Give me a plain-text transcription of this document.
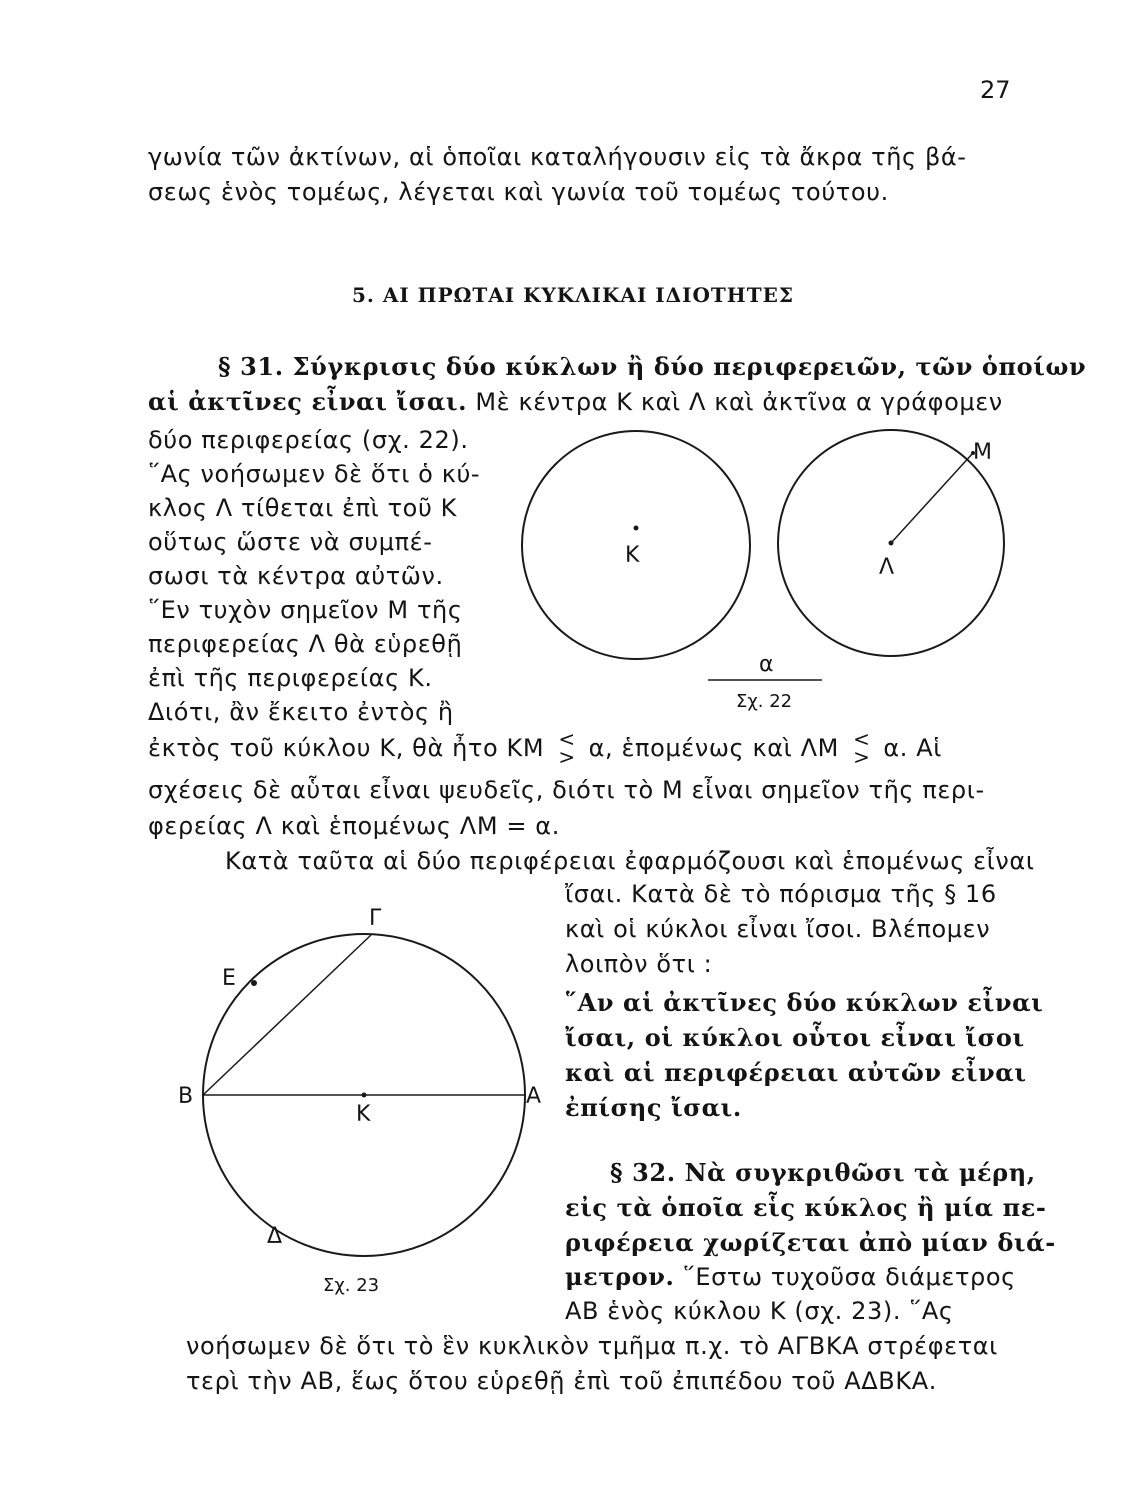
27
γωνία τῶν ἀκτίνων, αἱ ὁποῖαι καταλήγουσιν εἰς τὰ ἄκρα τῆς βά-
σεως ἑνὸς τομέως, λέγεται καὶ γωνία τοῦ τομέως τούτου.
5. ΑΙ ΠΡΩΤΑΙ ΚΥΚΛΙΚΑΙ ΙΔΙΟΤΗΤΕΣ
§ 31. Σύγκρισις δύο κύκλων ἢ δύο περιφερειῶν, τῶν ὁποίων
αἱ ἀκτῖνες εἶναι ἴσαι. Μὲ κέντρα Κ καὶ Λ καὶ ἀκτῖνα α γράφομεν
δύο περιφερείας (σχ. 22).
῞Ας νοήσωμεν δὲ ὅτι ὁ κύ-
κλος Λ τίθεται ἐπὶ τοῦ Κ
οὕτως ὥστε νὰ συμπέ-
σωσι τὰ κέντρα αὐτῶν.
῞Εν τυχὸν σημεῖον Μ τῆς
περιφερείας Λ θὰ εὑρεθῇ
ἐπὶ τῆς περιφερείας Κ.
Διότι, ἂν ἔκειτο ἐντὸς ἢ
ἐκτὸς τοῦ κύκλου Κ, θὰ ἦτο ΚΜ <
> α, ἑπομένως καὶ ΛΜ <
> α. Αἱ
σχέσεις δὲ αὗται εἶναι ψευδεῖς, διότι τὸ Μ εἶναι σημεῖον τῆς περι-
φερείας Λ καὶ ἑπομένως ΛΜ = α.
Κατὰ ταῦτα αἱ δύο περιφέρειαι ἐφαρμόζουσι καὶ ἑπομένως εἶναι
ἴσαι. Κατὰ δὲ τὸ πόρισμα τῆς § 16
καὶ οἱ κύκλοι εἶναι ἴσοι. Βλέπομεν
λοιπὸν ὅτι :
῞Αν αἱ ἀκτῖνες δύο κύκλων εἶναι
ἴσαι, οἱ κύκλοι οὗτοι εἶναι ἴσοι
καὶ αἱ περιφέρειαι αὐτῶν εἶναι
ἐπίσης ἴσαι.
§ 32. Νὰ συγκριθῶσι τὰ μέρη,
εἰς τὰ ὁποῖα εἷς κύκλος ἢ μία πε-
ριφέρεια χωρίζεται ἀπὸ μίαν διά-
μετρον. ῞Εστω τυχοῦσα διάμετρος
ΑΒ ἑνὸς κύκλου Κ (σχ. 23). ῞Ας
νοήσωμεν δὲ ὅτι τὸ ἓν κυκλικὸν τμῆμα π.χ. τὸ ΑΓΒΚΑ στρέφεται
τερὶ τὴν ΑΒ, ἕως ὅτου εὑρεθῇ ἐπὶ τοῦ ἐπιπέδου τοῦ ΑΔΒΚΑ.
Κ	Λ
Μ
α
Σχ. 22
Γ
Ε
Β	Α
Κ
Δ
Σχ. 23
